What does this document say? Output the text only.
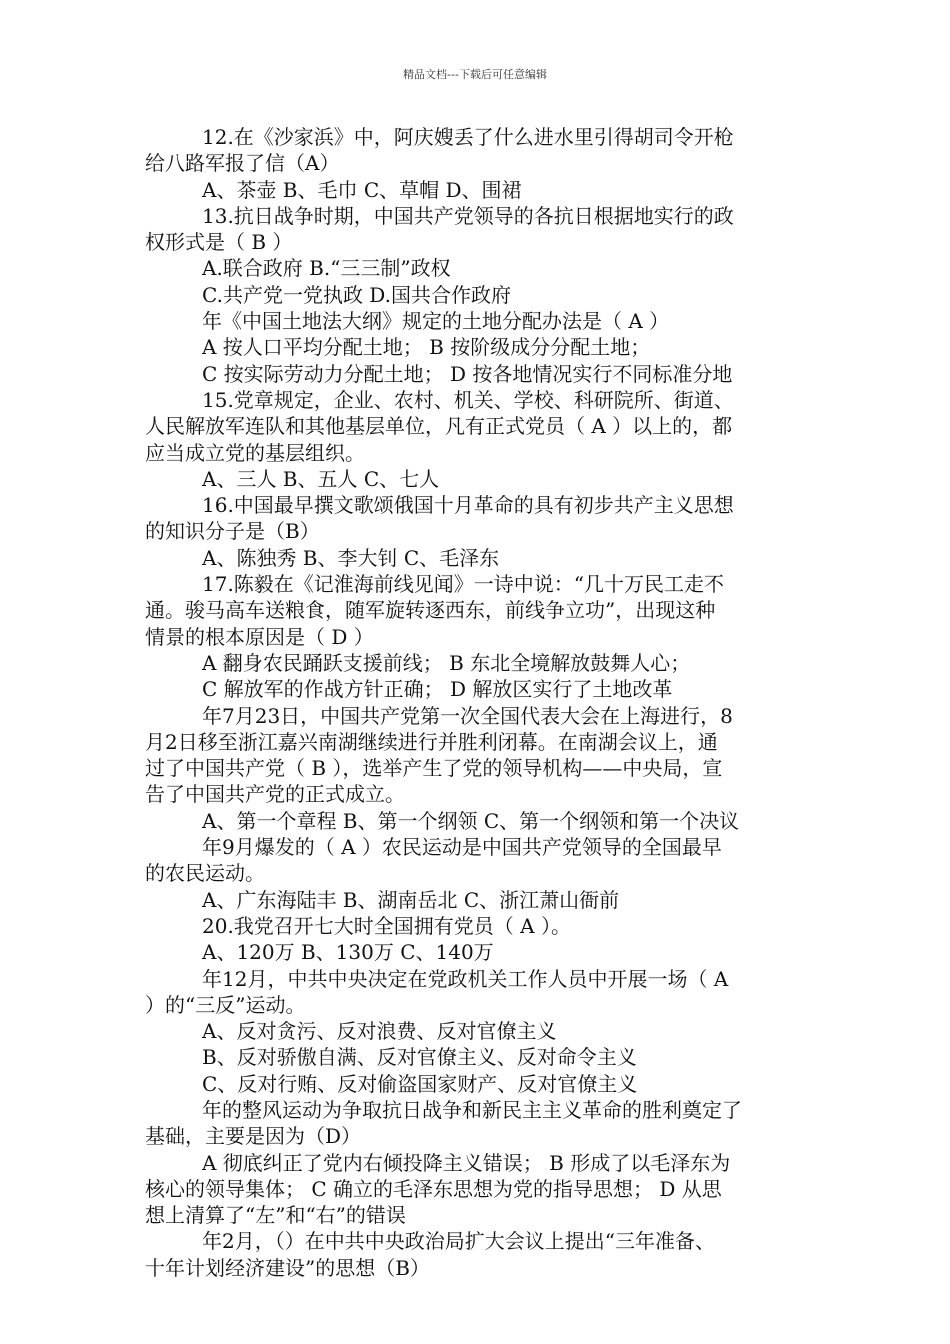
精品文档---下载后可任意编辑
12.在《沙家浜》中，阿庆嫂丢了什么进水里引得胡司令开枪
给八路军报了信（A）
A、茶壶 B、毛巾 C、草帽 D、围裙
13.抗日战争时期，中国共产党领导的各抗日根据地实行的政
权形式是（ B ）
A.联合政府 B.“三三制”政权
C.共产党一党执政 D.国共合作政府
年《中国土地法大纲》规定的土地分配办法是（ A ）
A 按人口平均分配土地； B 按阶级成分分配土地；
C 按实际劳动力分配土地； D 按各地情况实行不同标准分地
15.党章规定，企业、农村、机关、学校、科研院所、街道、
人民解放军连队和其他基层单位，凡有正式党员（ A ）以上的，都
应当成立党的基层组织。
A、三人 B、五人 C、七人
16.中国最早撰文歌颂俄国十月革命的具有初步共产主义思想
的知识分子是（B）
A、陈独秀 B、李大钊 C、毛泽东
17.陈毅在《记淮海前线见闻》一诗中说：“几十万民工走不
通。骏马高车送粮食，随军旋转逐西东，前线争立功”，出现这种
情景的根本原因是（ D ）
A 翻身农民踊跃支援前线； B 东北全境解放鼓舞人心；
C 解放军的作战方针正确； D 解放区实行了土地改革
年7月23日，中国共产党第一次全国代表大会在上海进行，8
月2日移至浙江嘉兴南湖继续进行并胜利闭幕。在南湖会议上，通
过了中国共产党（ B ），选举产生了党的领导机构——中央局，宣
告了中国共产党的正式成立。
A、第一个章程 B、第一个纲领 C、第一个纲领和第一个决议
年9月爆发的（ A ）农民运动是中国共产党领导的全国最早
的农民运动。
A、广东海陆丰 B、湖南岳北 C、浙江萧山衙前
20.我党召开七大时全国拥有党员（ A ）。
A、120万 B、130万 C、140万
年12月，中共中央决定在党政机关工作人员中开展一场（ A
）的“三反”运动。
A、反对贪污、反对浪费、反对官僚主义
B、反对骄傲自满、反对官僚主义、反对命令主义
C、反对行贿、反对偷盗国家财产、反对官僚主义
年的整风运动为争取抗日战争和新民主主义革命的胜利奠定了
基础，主要是因为（D）
A 彻底纠正了党内右倾投降主义错误； B 形成了以毛泽东为
核心的领导集体； C 确立的毛泽东思想为党的指导思想； D 从思
想上清算了“左”和“右”的错误
年2月，（）在中共中央政治局扩大会议上提出“三年准备、
十年计划经济建设”的思想（B）
